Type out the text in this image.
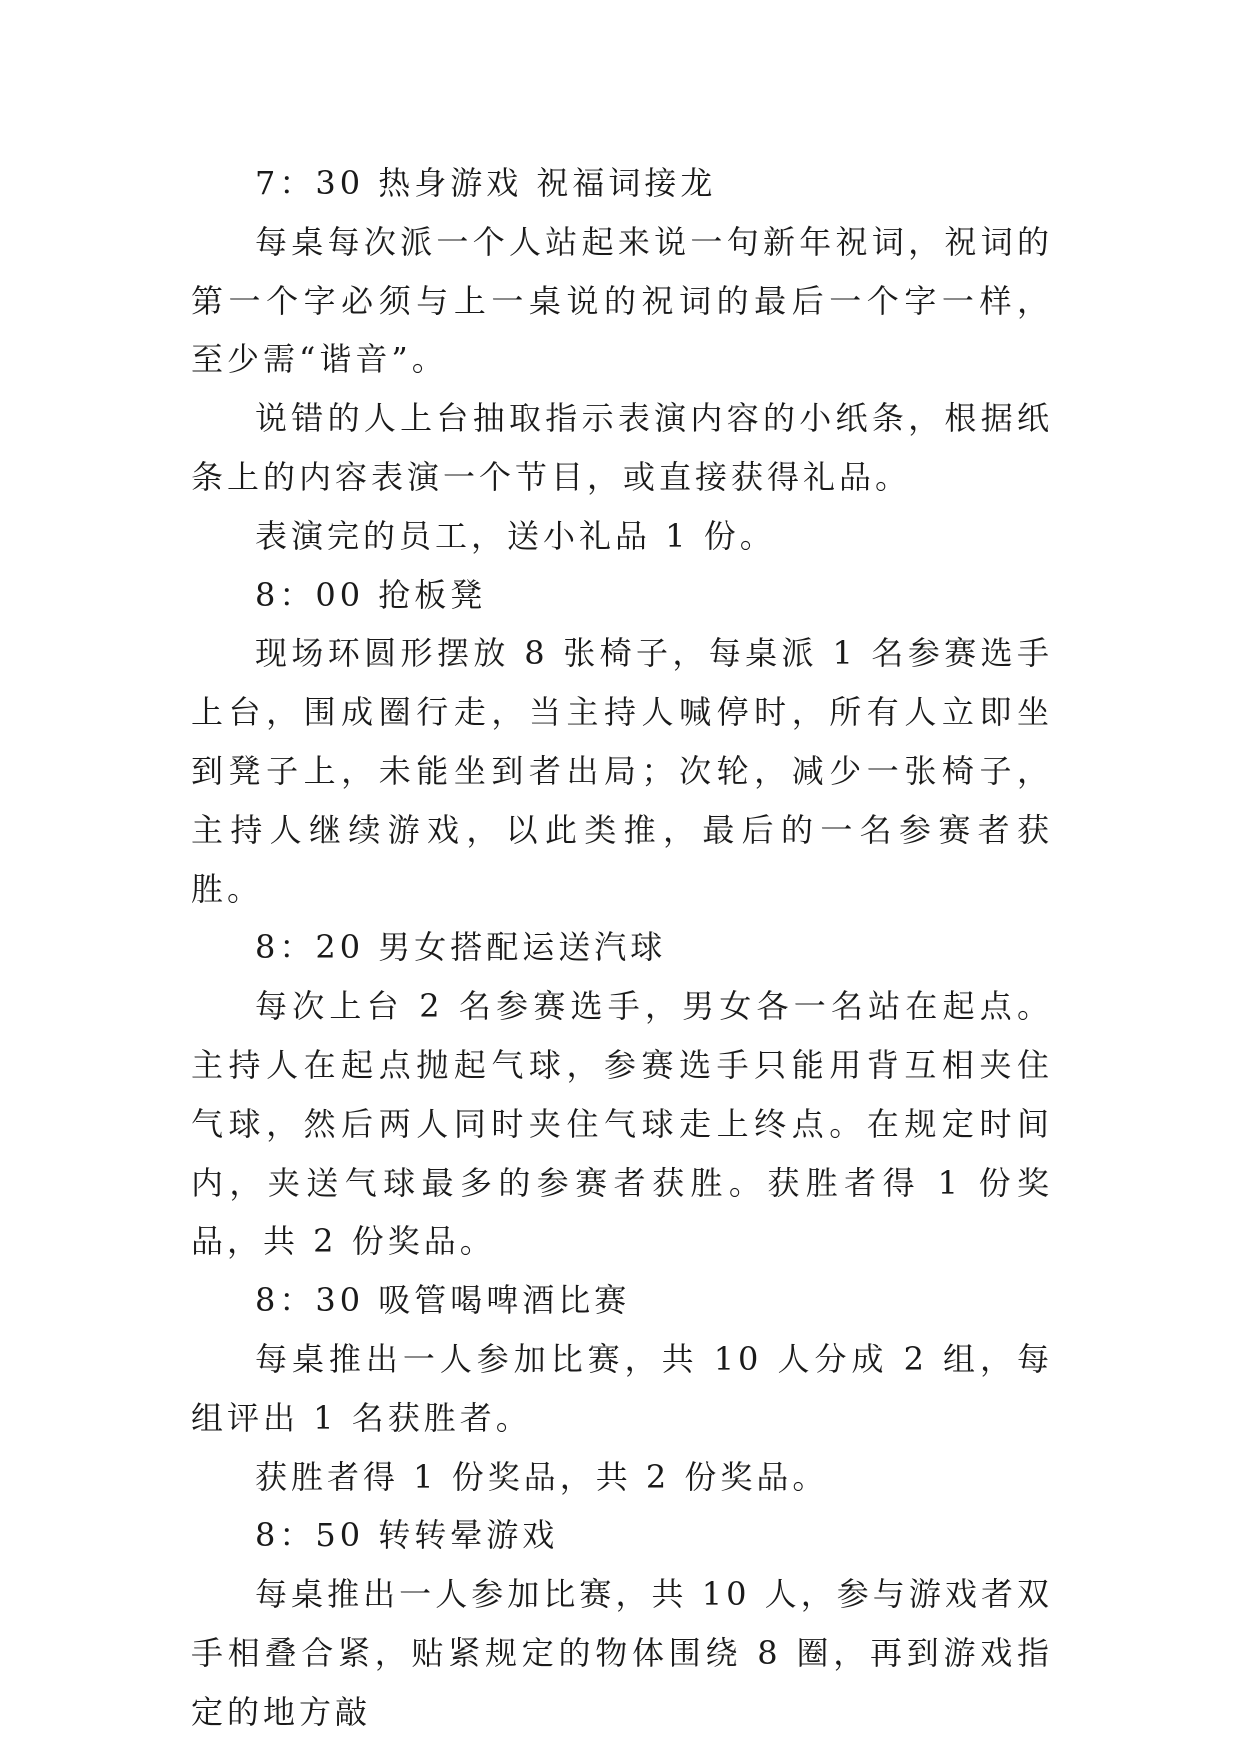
7：30 热身游戏 祝福词接龙

每桌每次派一个人站起来说一句新年祝词，祝词的第一个字必须与上一桌说的祝词的最后一个字一样，至少需“谐音”。

说错的人上台抽取指示表演内容的小纸条，根据纸条上的内容表演一个节目，或直接获得礼品。

表演完的员工，送小礼品 1 份。

8：00 抢板凳

现场环圆形摆放 8 张椅子，每桌派 1 名参赛选手上台，围成圈行走，当主持人喊停时，所有人立即坐到凳子上，未能坐到者出局；次轮，减少一张椅子，主持人继续游戏，以此类推，最后的一名参赛者获胜。

8：20 男女搭配运送汽球

每次上台 2 名参赛选手，男女各一名站在起点。主持人在起点抛起气球，参赛选手只能用背互相夹住气球，然后两人同时夹住气球走上终点。在规定时间内，夹送气球最多的参赛者获胜。获胜者得 1 份奖品，共 2 份奖品。

8：30 吸管喝啤酒比赛

每桌推出一人参加比赛，共 10 人分成 2 组，每组评出 1 名获胜者。

获胜者得 1 份奖品，共 2 份奖品。

8：50 转转晕游戏

每桌推出一人参加比赛，共 10 人，参与游戏者双手相叠合紧，贴紧规定的物体围绕 8 圈，再到游戏指定的地方敲
